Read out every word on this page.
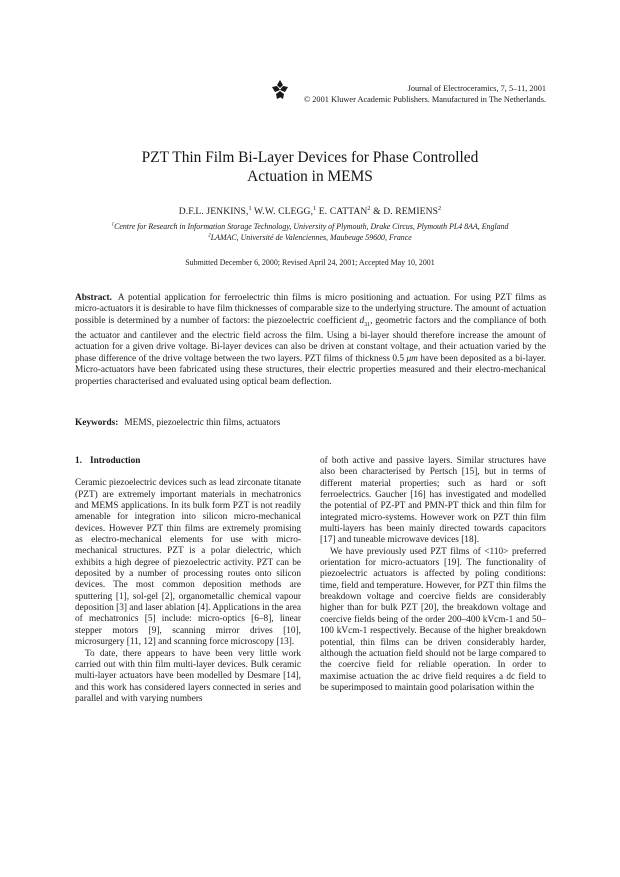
Journal of Electroceramics, 7, 5–11, 2001
© 2001 Kluwer Academic Publishers. Manufactured in The Netherlands.
PZT Thin Film Bi-Layer Devices for Phase Controlled
Actuation in MEMS
D.F.L. JENKINS,$^1$ W.W. CLEGG,$^1$ E. CATTAN$^2$ & D. REMIENS$^2$
$^1$Centre for Research in Information Storage Technology, University of Plymouth, Drake Circus, Plymouth PL4 8AA, England
$^2$LAMAC, Université de Valenciennes, Maubeuge 59600, France
Submitted December 6, 2000; Revised April 24, 2001; Accepted May 10, 2001
Abstract. A potential application for ferroelectric thin films is micro positioning and actuation. For using PZT films as micro-actuators it is desirable to have film thicknesses of comparable size to the underlying structure. The amount of actuation possible is determined by a number of factors: the piezoelectric coefficient $d_{31}$, geometric factors and the compliance of both the actuator and cantilever and the electric field across the film. Using a bi-layer should therefore increase the amount of actuation for a given drive voltage. Bi-layer devices can also be driven at constant voltage, and their actuation varied by the phase difference of the drive voltage between the two layers. PZT films of thickness 0.5 μm have been deposited as a bi-layer. Micro-actuators have been fabricated using these structures, their electric properties measured and their electro-mechanical properties characterised and evaluated using optical beam deflection.
Keywords: MEMS, piezoelectric thin films, actuators
1. Introduction

Ceramic piezoelectric devices such as lead zirconate titanate (PZT) are extremely important materials in mechatronics and MEMS applications. In its bulk form PZT is not readily amenable for integration into silicon micro-mechanical devices. However PZT thin films are extremely promising as electro-mechanical elements for use with micro-mechanical structures. PZT is a polar dielectric, which exhibits a high degree of piezoelectric activity. PZT can be deposited by a number of processing routes onto silicon devices. The most common deposition methods are sputtering [1], sol-gel [2], organometallic chemical vapour deposition [3] and laser ablation [4]. Applications in the area of mechatronics [5] include: micro-optics [6–8], linear stepper motors [9], scanning mirror drives [10], microsurgery [11, 12] and scanning force microscopy [13].

To date, there appears to have been very little work carried out with thin film multi-layer devices. Bulk ceramic multi-layer actuators have been modelled by Desmare [14], and this work has considered layers connected in series and parallel and with varying numbers

of both active and passive layers. Similar structures have also been characterised by Pertsch [15], but in terms of different material properties; such as hard or soft ferroelectrics. Gaucher [16] has investigated and modelled the potential of PZ-PT and PMN-PT thick and thin film for integrated micro-systems. However work on PZT thin film multi-layers has been mainly directed towards capacitors [17] and tuneable microwave devices [18].

We have previously used PZT films of <110> preferred orientation for micro-actuators [19]. The functionality of piezoelectric actuators is affected by poling conditions: time, field and temperature. However, for PZT thin films the breakdown voltage and coercive fields are considerably higher than for bulk PZT [20], the breakdown voltage and coercive fields being of the order 200–400 kVcm-1 and 50–100 kVcm-1 respectively. Because of the higher breakdown potential, thin films can be driven considerably harder, although the actuation field should not be large compared to the coercive field for reliable operation. In order to maximise actuation the ac drive field requires a dc field to be superimposed to maintain good polarisation within the
